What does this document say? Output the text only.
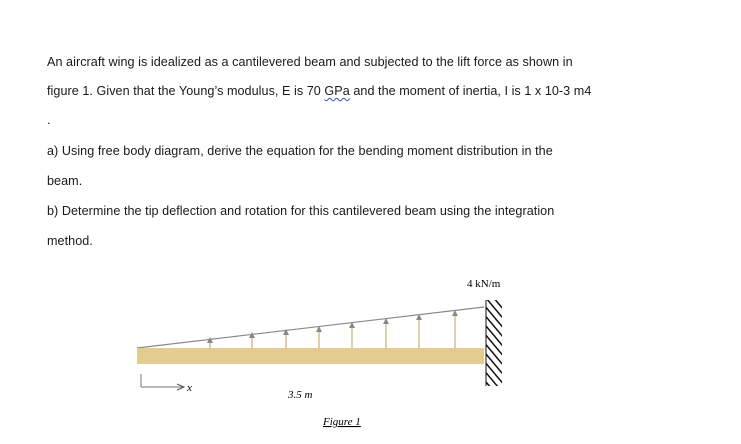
An aircraft wing is idealized as a cantilevered beam and subjected to the lift force as shown in
figure 1. Given that the Young’s modulus, E is 70 GPa and the moment of inertia, I is 1 x 10-3 m4
.
a) Using free body diagram, derive the equation for the bending moment distribution in the
beam.
b) Determine the tip deflection and rotation for this cantilevered beam using the integration
method.
x
4 kN/m
3.5 m
Figure 1
